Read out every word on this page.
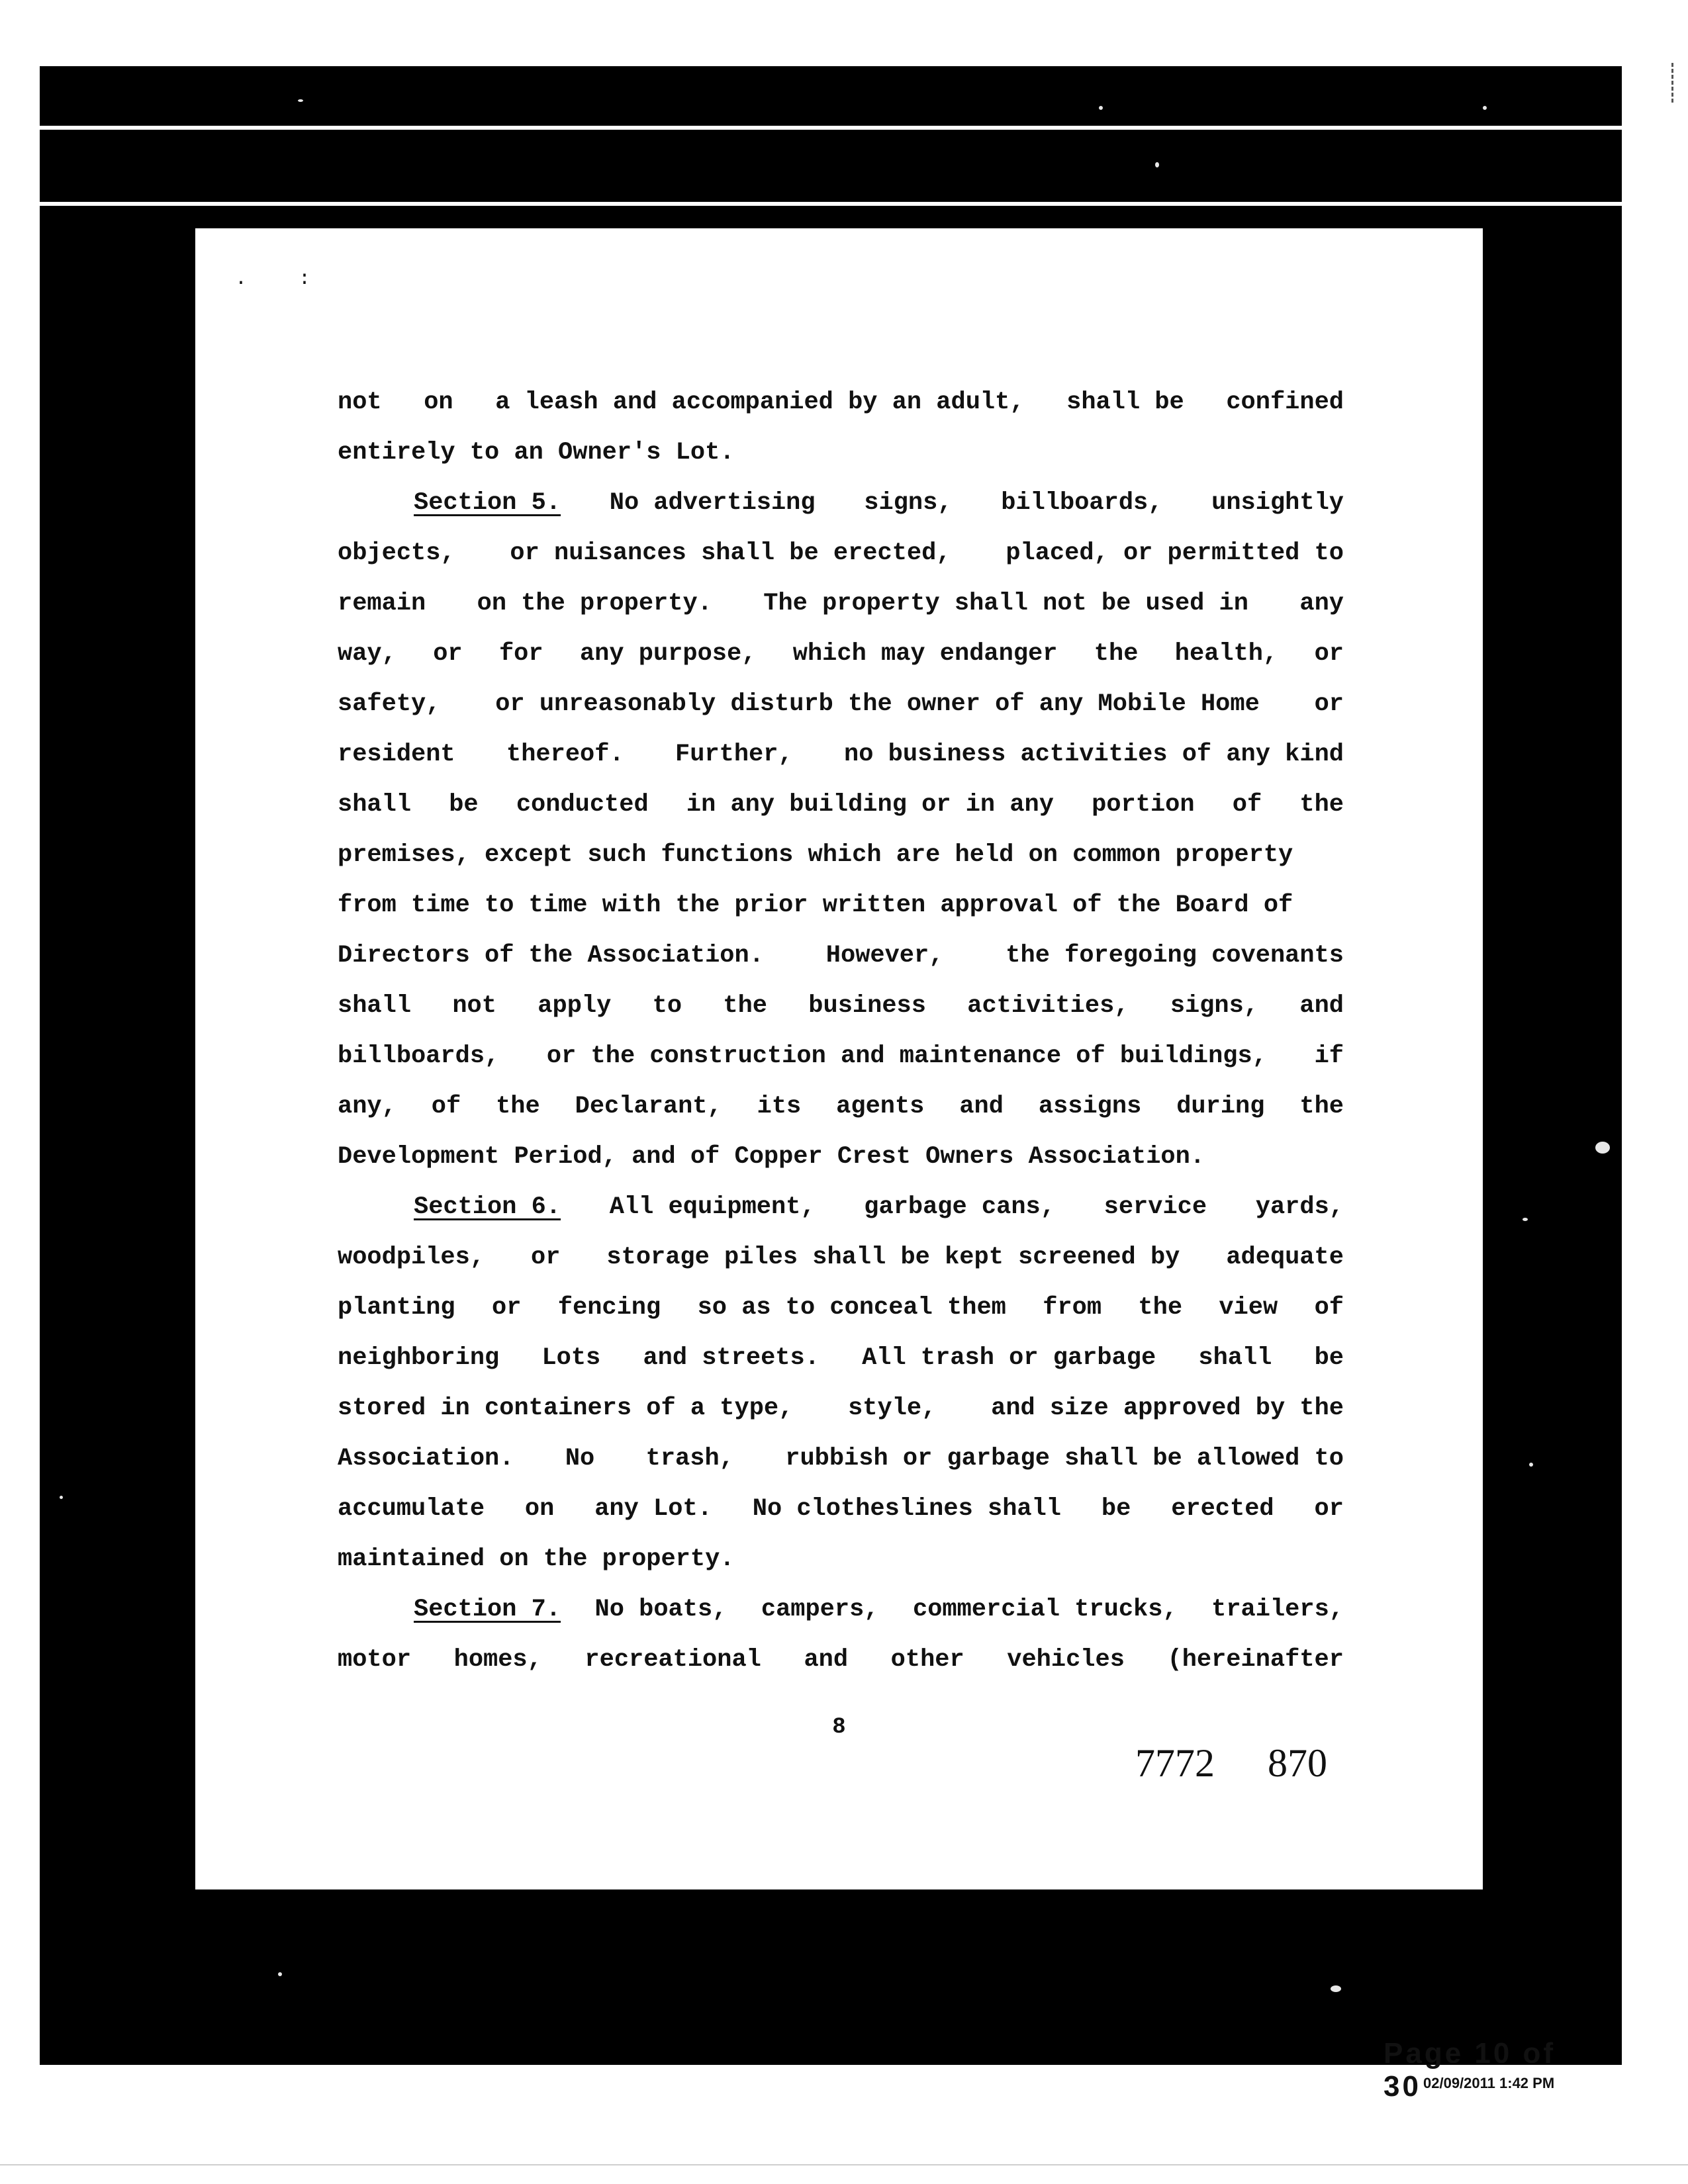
. :
not on a leash and accompanied by an adult, shall be confined
entirely to an Owner's Lot.
Section 5. No advertising signs, billboards, unsightly
objects, or nuisances shall be erected, placed, or permitted to
remain on the property. The property shall not be used in any
way, or for any purpose, which may endanger the health, or
safety, or unreasonably disturb the owner of any Mobile Home or
resident thereof. Further, no business activities of any kind
shall be conducted in any building or in any portion of the
premises, except such functions which are held on common property
from time to time with the prior written approval of the Board of
Directors of the Association.	However,	the foregoing covenants
shall not apply to the business activities, signs, and
billboards, or the construction and maintenance of buildings, if
any, of the Declarant, its agents and assigns during the
Development Period, and of Copper Crest Owners Association.
Section 6. All equipment, garbage cans, service yards,
woodpiles, or storage piles shall be kept screened by adequate
planting or fencing so as to conceal them from the view of
neighboring Lots and streets. All trash or garbage shall be
stored in containers of a type, style, and size approved by the
Association. No trash, rubbish or garbage shall be allowed to
accumulate on any Lot. No clotheslines shall be erected or
maintained on the property.
Section 7. No boats, campers, commercial trucks, trailers,
motor homes, recreational and other vehicles (hereinafter
8
7772 870
Page 10 of 30 02/09/2011 1:42 PM
